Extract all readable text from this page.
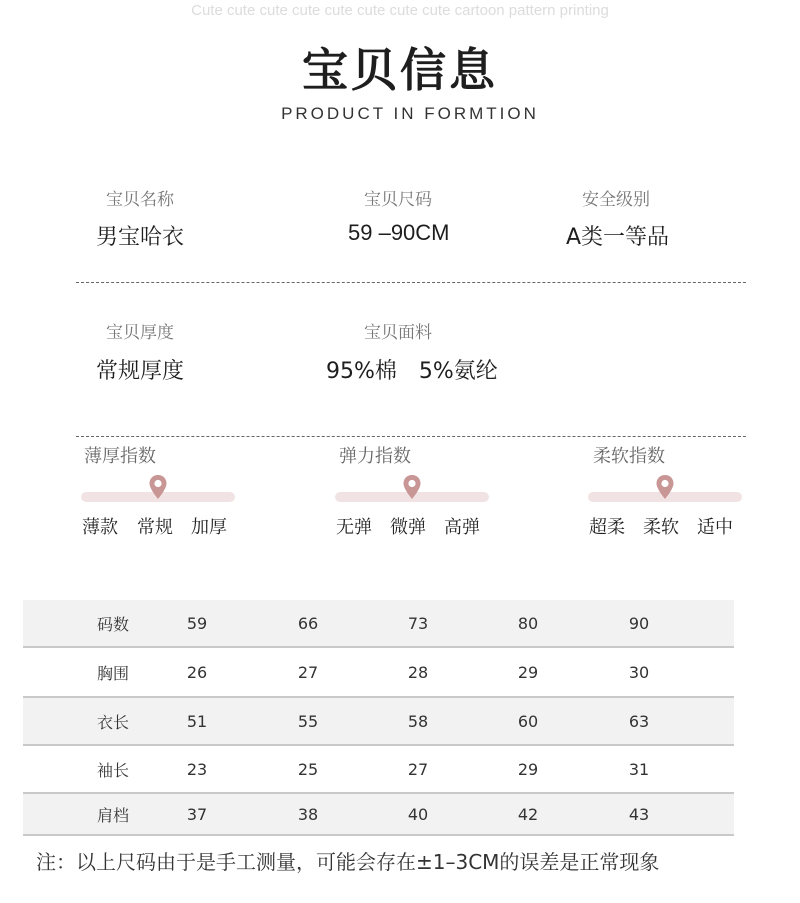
Cute cute cute cute cute cute cute cute cartoon pattern printing
宝贝信息
PRODUCT IN FORMTION
宝贝名称
男宝哈衣
宝贝尺码
59 –90CM
安全级别
A类一等品
宝贝厚度
常规厚度
宝贝面料
95%棉　5%氨纶
薄厚指数
薄款 常规 加厚
弹力指数
无弹 微弹 高弹
柔软指数
超柔 柔软 适中
码数	59	66	73	80	90
胸围	26	27	28	29	30
衣长	51	55	58	60	63
袖长	23	25	27	29	31
肩档	37	38	40	42	43
注：以上尺码由于是手工测量，可能会存在±1–3CM的误差是正常现象
